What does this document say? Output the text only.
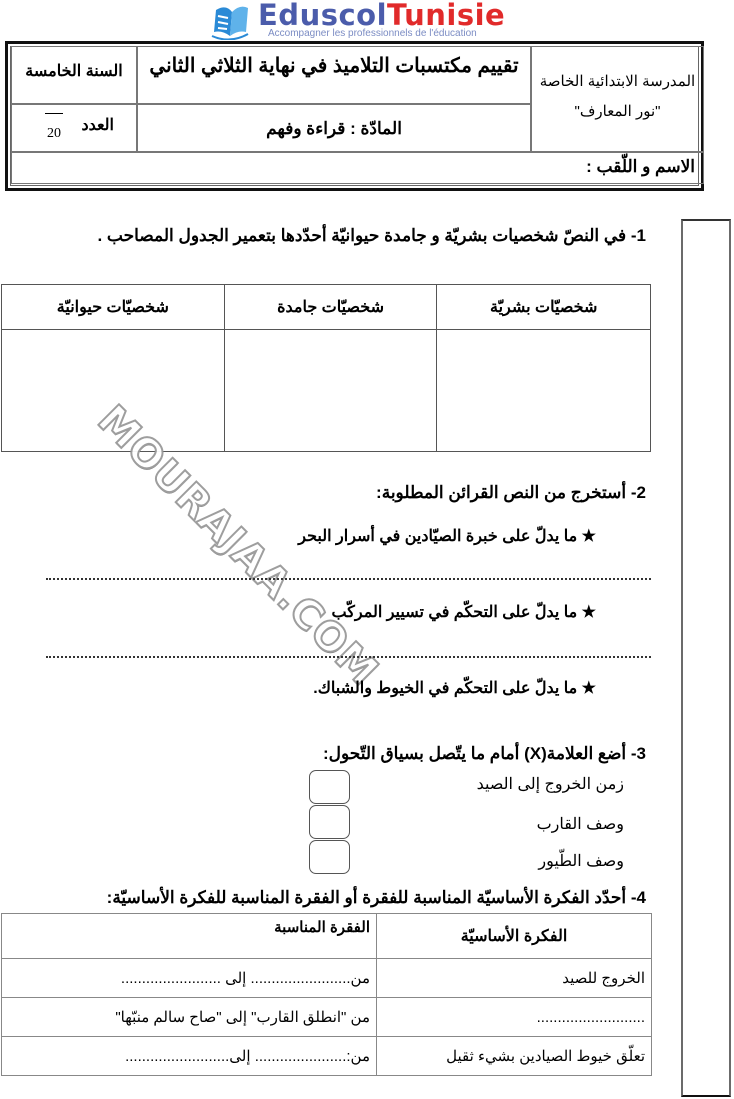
EduscolTunisie
Accompagner les professionnels de l'éducation
السنة الخامسة	تقييم مكتسبات التلاميذ في نهاية الثلاثي الثاني
المدرسة الابتدائية الخاصة
"نور المعارف"
العدد
20	المادّة : قراءة وفهم
الاسم و اللّقب :
1- في النصّ شخصيات بشريّة و جامدة حيوانيّة أحدّدها بتعمير الجدول المصاحب .
شخصيّات بشريّة	شخصيّات جامدة	شخصيّات حيوانيّة

MOURAJAA.COM
2- أستخرج من النص القرائن المطلوبة:
★ ما يدلّ على خبرة الصيّادين في أسرار البحر
★ ما يدلّ على التحكّم في تسيير المركّب
★ ما يدلّ على التحكّم في الخيوط والشباك.
3- أضع العلامة(X) أمام ما يتّصل بسياق التّحول:
زمن الخروج إلى الصيد
وصف القارب
وصف الطّيور
4- أحدّد الفكرة الأساسيّة المناسبة للفقرة أو الفقرة المناسبة للفكرة الأساسيّة:
الفكرة الأساسيّة	الفقرة المناسبة
الخروج للصيد	من........................ إلى ........................
..........................	من "انطلق القارب" إلى "صاح سالم منبّها"
تعلّق خيوط الصيادين بشيء ثقيل	من:...................... إلى.........................
